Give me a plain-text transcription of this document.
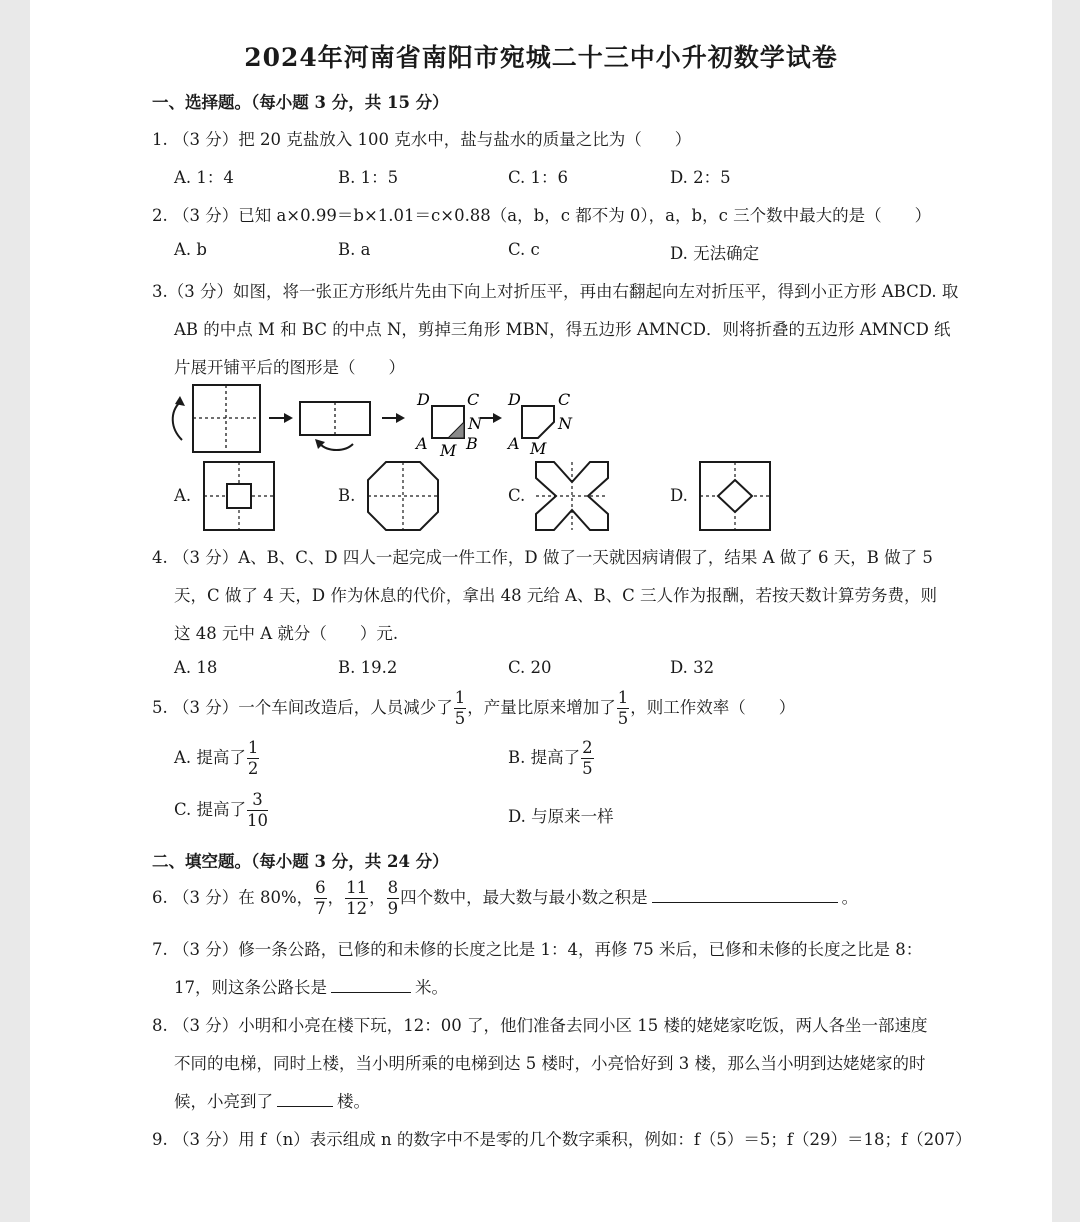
2024年河南省南阳市宛城二十三中小升初数学试卷
一、选择题。（每小题 3 分，共 15 分）
1. （3 分）把 20 克盐放入 100 克水中，盐与盐水的质量之比为（　　）
A. 1：4	B. 1：5	C. 1：6	D. 2：5
2. （3 分）已知 a×0.99＝b×1.01＝c×0.88（a，b，c 都不为 0），a，b，c 三个数中最大的是（　　）
A. b	B. a	C. c	D. 无法确定
3.（3 分）如图，将一张正方形纸片先由下向上对折压平，再由右翻起向左对折压平，得到小正方形 ABCD. 取
AB 的中点 M 和 BC 的中点 N，剪掉三角形 MBN，得五边形 AMNCD．则将折叠的五边形 AMNCD 纸
片展开铺平后的图形是（　　）
D C
N
A M B
D C
N
A M
A.	B.	C.	D.
4. （3 分）A、B、C、D 四人一起完成一件工作，D 做了一天就因病请假了，结果 A 做了 6 天，B 做了 5
天，C 做了 4 天，D 作为休息的代价，拿出 48 元给 A、B、C 三人作为报酬，若按天数计算劳务费，则
这 48 元中 A 就分（　　）元.
A. 18	B. 19.2	C. 20	D. 32
5. （3 分）一个车间改造后，人员减少了 $\frac{1}{5}$ ，产量比原来增加了 $\frac{1}{5}$ ，则工作效率（　　）
A. 提高了 $\frac{1}{2}$	B. 提高了 $\frac{2}{5}$
C. 提高了 $\frac{3}{10}$	D. 与原来一样
二、填空题。（每小题 3 分，共 24 分）
6. （3 分）在 80%， $\frac{6}{7}$ ， $\frac{11}{12}$ ， $\frac{8}{9}$ 四个数中，最大数与最小数之积是	。
7. （3 分）修一条公路，已修的和未修的长度之比是 1：4，再修 75 米后，已修和未修的长度之比是 8：
17，则这条公路长是	米。
8. （3 分）小明和小亮在楼下玩，12：00 了，他们准备去同小区 15 楼的姥姥家吃饭，两人各坐一部速度
不同的电梯，同时上楼，当小明所乘的电梯到达 5 楼时，小亮恰好到 3 楼，那么当小明到达姥姥家的时
候，小亮到了	楼。
9. （3 分）用 f（n）表示组成 n 的数字中不是零的几个数字乘积，例如：f（5）＝5；f（29）＝18；f（207）
